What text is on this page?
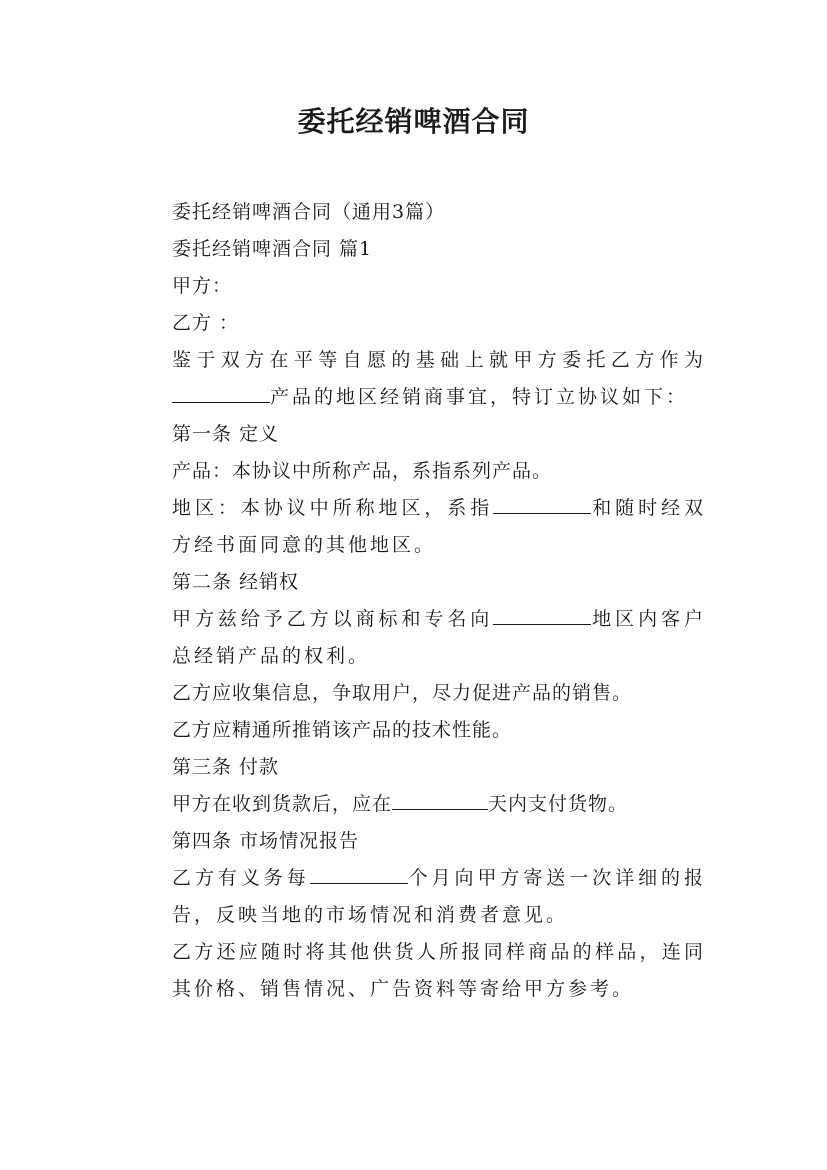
委托经销啤酒合同
委托经销啤酒合同（通用3篇）
委托经销啤酒合同 篇1
甲方：
乙方 ：
鉴于双方在平等自愿的基础上就甲方委托乙方作为产品的地区经销商事宜，特订立协议如下：
第一条 定义
产品：本协议中所称产品，系指系列产品。
地区：本协议中所称地区，系指	和随时经双方经书面同意的其他地区。
第二条 经销权
甲方兹给予乙方以商标和专名向	地区内客户总经销产品的权利。
乙方应收集信息，争取用户，尽力促进产品的销售。
乙方应精通所推销该产品的技术性能。
第三条 付款
甲方在收到货款后，应在	天内支付货物。
第四条 市场情况报告
乙方有义务每	个月向甲方寄送一次详细的报告，反映当地的市场情况和消费者意见。
乙方还应随时将其他供货人所报同样商品的样品，连同其价格、销售情况、广告资料等寄给甲方参考。
